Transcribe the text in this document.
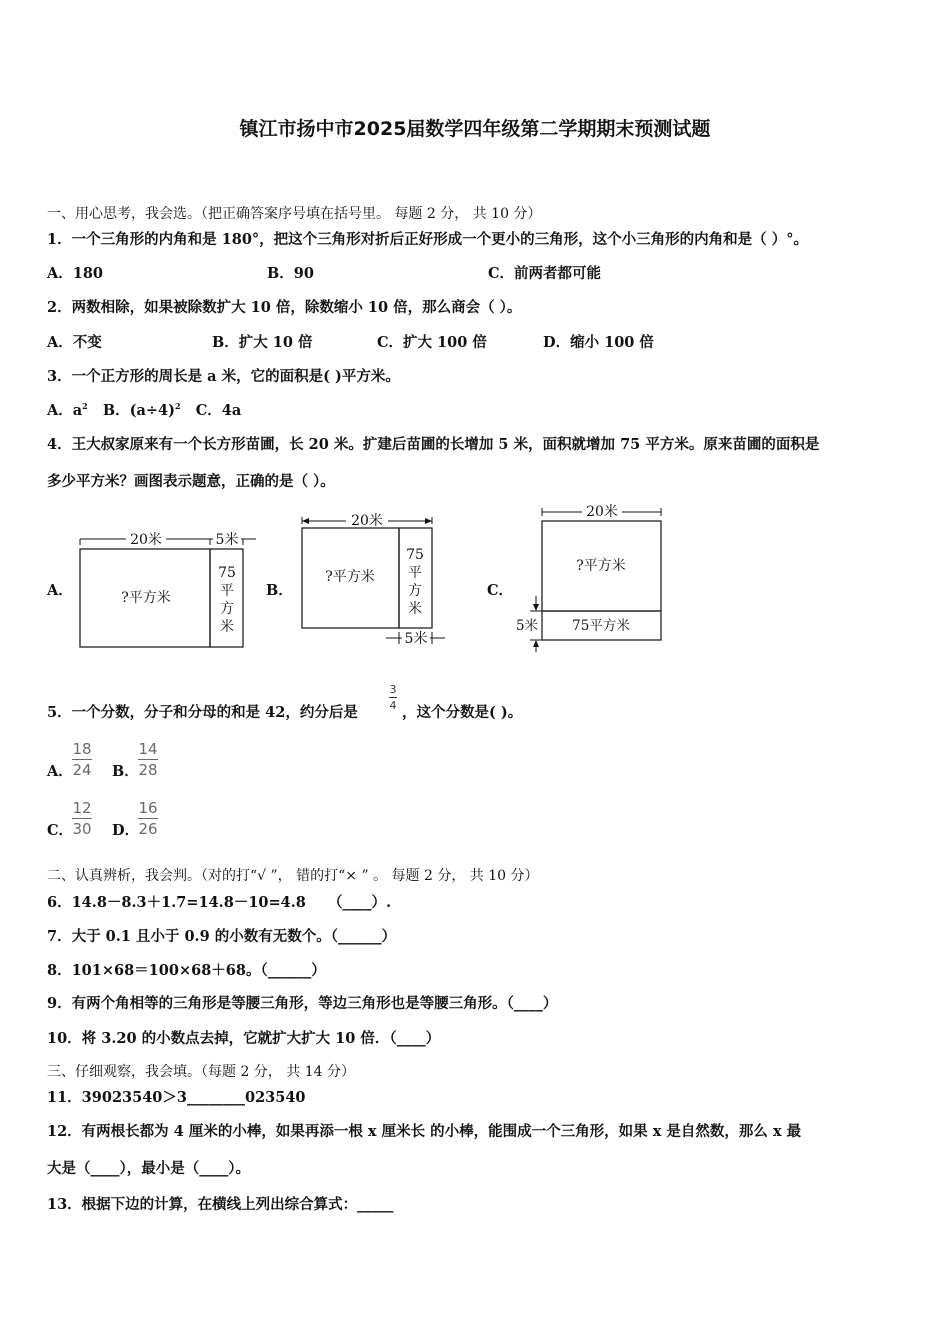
镇江市扬中市2025届数学四年级第二学期期末预测试题
一、用心思考，我会选。（把正确答案序号填在括号里。 每题 2 分， 共 10 分）
1．一个三角形的内角和是 180°，把这个三角形对折后正好形成一个更小的三角形，这个小三角形的内角和是（ ）°。
A．180	B．90	C．前两者都可能
2．两数相除，如果被除数扩大 10 倍，除数缩小 10 倍，那么商会（ ）。
A．不变	B．扩大 10 倍	C．扩大 100 倍	D．缩小 100 倍
3．一个正方形的周长是 a 米，它的面积是( )平方米。
A．$a^2$ B．$(a\div 4)^2$ C．4a
4．王大叔家原来有一个长方形苗圃，长 20 米。扩建后苗圃的长增加 5 米，面积就增加 75 平方米。原来苗圃的面积是
多少平方米？画图表示题意，正确的是（ ）。
A．
20米	5米
?平方米
75
平
方
米
B．
20米
?平方米
75
平
方
米
5米
C．
20米
?平方米
75平方米
5米
5．一个分数，分子和分母的和是 42，约分后是
3
4 ，这个分数是( )。
A．
18
24 B．
14
28
C．
12
30 D．
16
26
二、认真辨析，我会判。（对的打“√ ”， 错的打“× ” 。 每题 2 分， 共 10 分）
6．14.8－8.3＋1.7=14.8－10=4.8 （____）.
7．大于 0.1 且小于 0.9 的小数有无数个。（______）
8．101×68＝100×68＋68。（______）
9．有两个角相等的三角形是等腰三角形，等边三角形也是等腰三角形。（____）
10．将 3.20 的小数点去掉，它就扩大扩大 10 倍．（____）
三、仔细观察，我会填。（每题 2 分， 共 14 分）
11．39023540＞3________023540
12．有两根长都为 4 厘米的小棒，如果再添一根 x 厘米长 的小棒，能围成一个三角形，如果 x 是自然数，那么 x 最
大是（____），最小是（____）。
13．根据下边的计算，在横线上列出综合算式：_____
